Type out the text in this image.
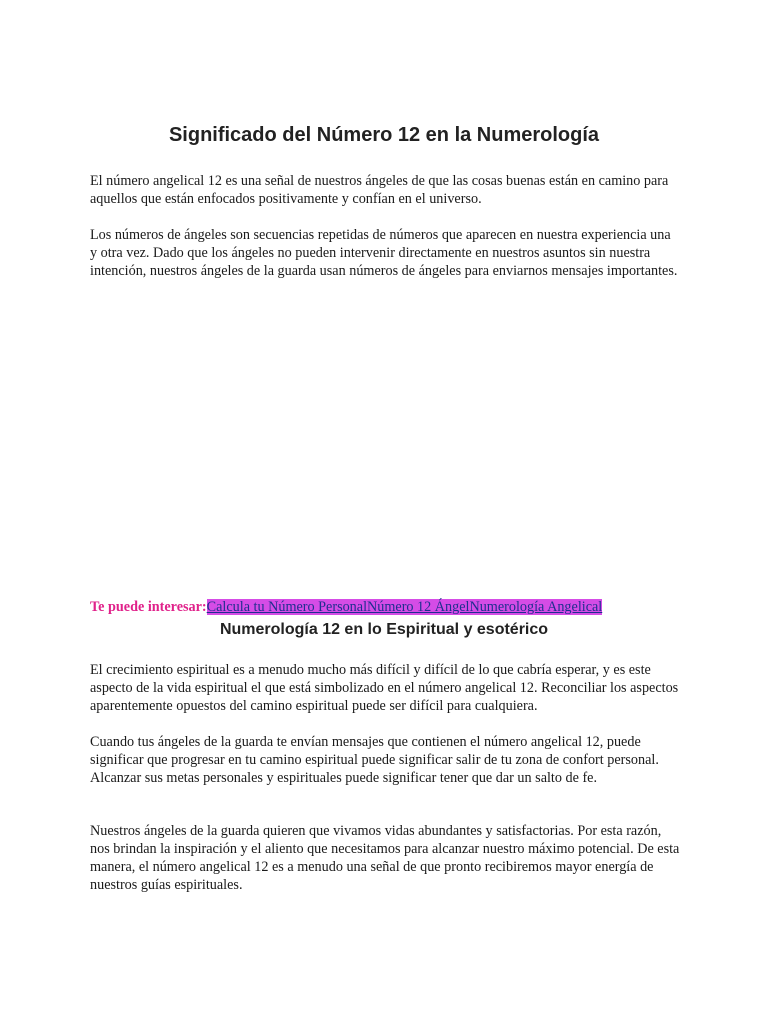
Significado del Número 12 en la Numerología

El número angelical 12 es una señal de nuestros ángeles de que las cosas buenas están en camino para aquellos que están enfocados positivamente y confían en el universo.

Los números de ángeles son secuencias repetidas de números que aparecen en nuestra experiencia una y otra vez. Dado que los ángeles no pueden intervenir directamente en nuestros asuntos sin nuestra intención, nuestros ángeles de la guarda usan números de ángeles para enviarnos mensajes importantes.

Te puede interesar:Calcula tu Número PersonalNúmero 12 ÁngelNumerología Angelical
Numerología 12 en lo Espiritual y esotérico

El crecimiento espiritual es a menudo mucho más difícil y difícil de lo que cabría esperar, y es este aspecto de la vida espiritual el que está simbolizado en el número angelical 12. Reconciliar los aspectos aparentemente opuestos del camino espiritual puede ser difícil para cualquiera.

Cuando tus ángeles de la guarda te envían mensajes que contienen el número angelical 12, puede significar que progresar en tu camino espiritual puede significar salir de tu zona de confort personal. Alcanzar sus metas personales y espirituales puede significar tener que dar un salto de fe.

Nuestros ángeles de la guarda quieren que vivamos vidas abundantes y satisfactorias. Por esta razón, nos brindan la inspiración y el aliento que necesitamos para alcanzar nuestro máximo potencial. De esta manera, el número angelical 12 es a menudo una señal de que pronto recibiremos mayor energía de nuestros guías espirituales.
